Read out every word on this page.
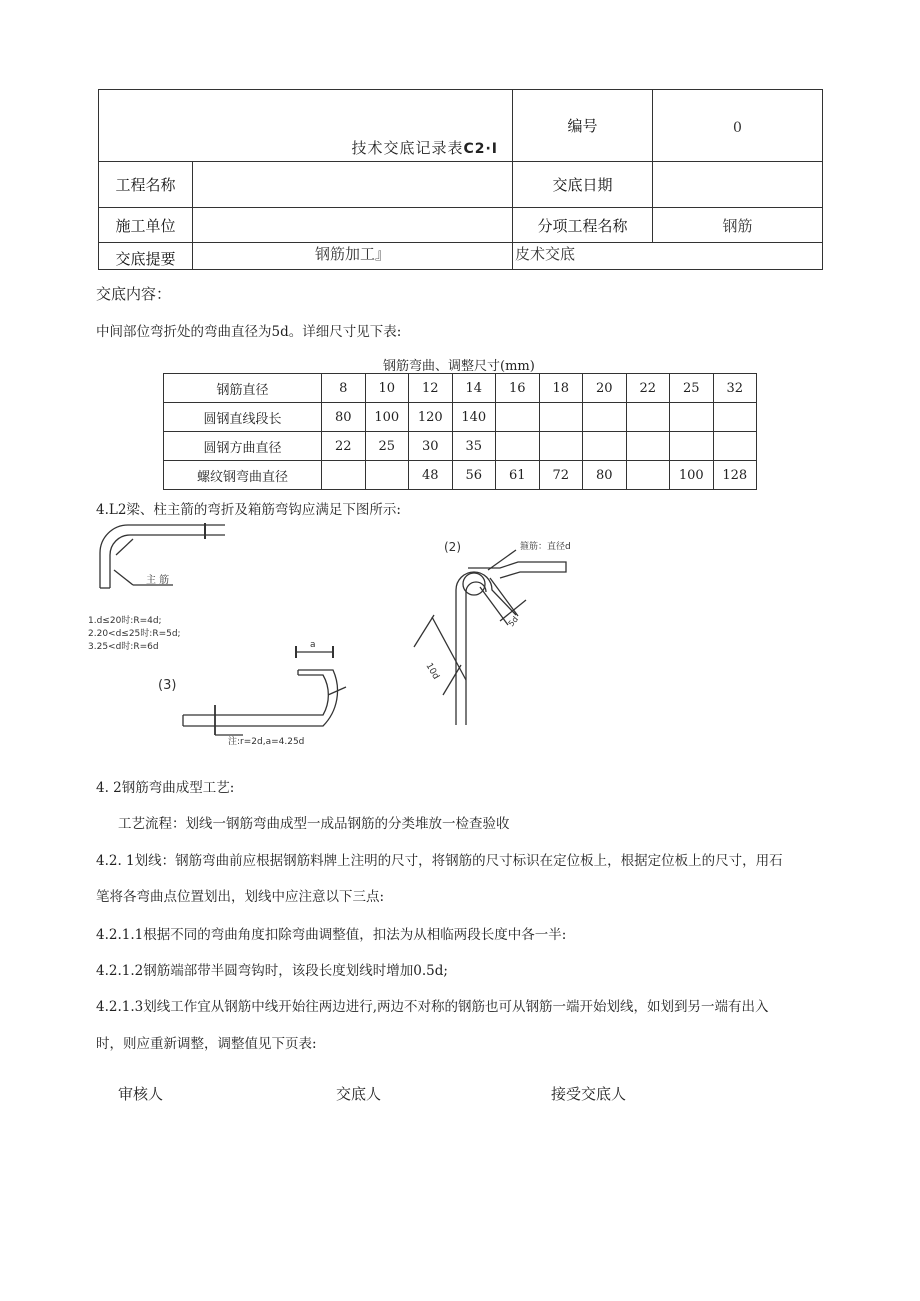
技术交底记录表C2·I		编号	0
工程名称		交底日期	
施工单位		分项工程名称	钢筋
交底提要	钢筋加工』	皮术交底	
交底内容：
中间部位弯折处的弯曲直径为5d。详细尺寸见下表:
钢筋弯曲、调整尺寸(mm)
钢筋直径	8	10	12	14	16	18	20	22	25	32
圆钢直线段长	80	100	120	140						
圆钢方曲直径	22	25	30	35						
螺纹钢弯曲直径			48	56	61	72	80		100	128
4.L2梁、柱主箭的弯折及箱筋弯钩应满足下图所示:
主 筋
1.d≤20时:R=4d;
2.20<d≤25时:R=5d;
3.25<d时:R=6d
(2)	箍筋：直径d
10d
5d
(3)
a
注:r=2d,a=4.25d
4. 2钢筋弯曲成型工艺:
工艺流程：划线一钢筋弯曲成型一成品钢筋的分类堆放一检查验收
4.2. 1划线：钢筋弯曲前应根据钢筋料牌上注明的尺寸，将钢筋的尺寸标识在定位板上，根据定位板上的尺寸，用石
笔将各弯曲点位置划出，划线中应注意以下三点:
4.2.1.1根据不同的弯曲角度扣除弯曲调整值，扣法为从相临两段长度中各一半:
4.2.1.2钢筋端部带半圆弯钩时，该段长度划线时增加0.5d;
4.2.1.3划线工作宜从钢筋中线开始往两边进行,两边不对称的钢筋也可从钢筋一端开始划线，如划到另一端有出入
时，则应重新调整，调整值见下页表:
审核人	交底人	接受交底人
